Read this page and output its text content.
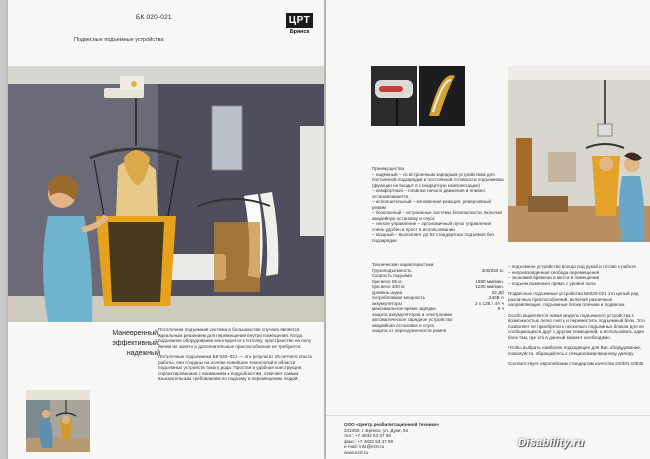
БК 020-021
Подвесные подъемные устройства
ЦРТ
Брянск
Маневренный,
эффективный, надежный

Потолочная подъемная система в большинстве случаев является идеальным решением для перемещения внутри помещения. Когда подъемное оборудование монтируется к потолку, пространство на полу ничем не занято и дополнительные приспособления не требуются.

Потолочные подъемники БК 020–021 — это результат 25-летнего опыта работы, они созданы на основе новейших технологий в области подъемных устройств такого рода. Простая и удобная конструкция, спроектированная с вниманием к подробностям, отвечает самым взыскательным требованиям по подъему и перемещению людей.

Преимущества

– надежный – со встроенным зарядным устройством для постоянной подзарядки и постоянной готовности подъемника (функция не входит в стандартную комплектацию)

– комфортный – плавное начало движения и плавно останавливается

– исполнительный – мгновенная реакция, реверсивный режим

– безопасный – встроенные системы безопасности, включая аварийную остановку и спуск

– легкое управление – эргономичный пульт управления очень удобен и прост в использовании

– мощный – выполняет до 92 стандартных подъемов без подзарядки

Технические характеристики
Грузоподъемность	200/250 кг.
Скорость подъема
при весе 85 кг.	1680 мм/мин.
при весе 200 кг.	1200 мм/мин.
уровень шума	52 Дб
потребляемая мощность	240В А
аккумуляторы	2 х 12В / 4А·ч
максимальное время зарядки	8 ч
защита аккумуляторов и электроники
автоматическое зарядное устройство
аварийная остановка и спуск
защита от перегруженности ремня

– подъемное устройство всегда под рукой и готово к работе

– непревзойденная свобода перемещения

– экономия времени и места в помещении

– подъем возможен прямо с уровня пола

Подвесные подъемные устройства БК020-021 это целый ряд различных приспособлений, включая различные направляющие, подъемные блоки плечики и подвески.

Особо выделяется новая модель подъемного устройства с возможностью легко снять и переместить подъемный блок. Это позволяет не приобретать несколько подъемных блоков для не сообщающихся друг с другом помещений, а использовать один блок там, где это в данный момент необходимо.

Чтобы выбрать наиболее подходящее для Вас оборудование, пожалуйста, обращайтесь к специализированному дилеру.

Соответствует европейским стандартам качества DS/EN 10535

ООО «Центр реабилитационной техники»
241050, г. Брянск, ул. Дуки, 54
тел.: +7 4832 53 37 89
факс: +7 4832 53 37 89
e-mail: info@ezrt.ru
www.ezrt.ru
Disability.ru
